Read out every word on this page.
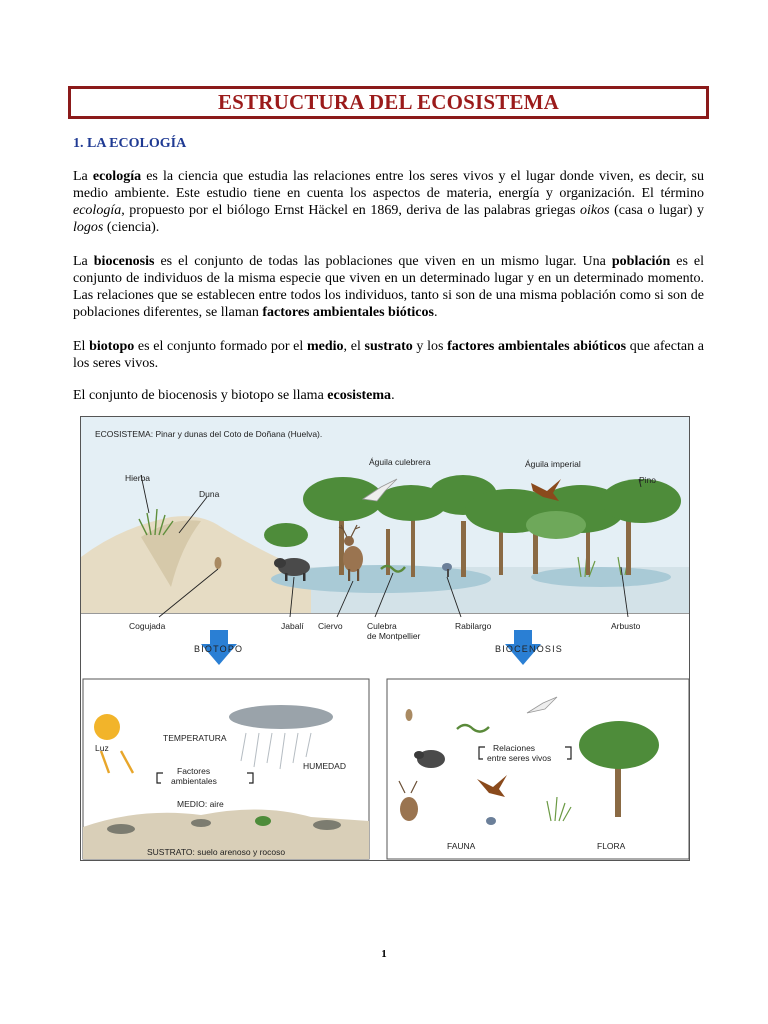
ESTRUCTURA DEL ECOSISTEMA
1. LA ECOLOGÍA

La ecología es la ciencia que estudia las relaciones entre los seres vivos y el lugar donde viven, es decir, su medio ambiente. Este estudio tiene en cuenta los aspectos de materia, energía y organización. El término ecología, propuesto por el biólogo Ernst Häckel en 1869, deriva de las palabras griegas oikos (casa o lugar) y logos (ciencia).

La biocenosis es el conjunto de todas las poblaciones que viven en un mismo lugar. Una población es el conjunto de individuos de la misma especie que viven en un determinado lugar y en un determinado momento. Las relaciones que se establecen entre todos los individuos, tanto si son de una misma población como si son de poblaciones diferentes, se llaman factores ambientales bióticos.

El biotopo es el conjunto formado por el medio, el sustrato y los factores ambientales abióticos que afectan a los seres vivos.

El conjunto de biocenosis y biotopo se llama ecosistema.

ECOSISTEMA: Pinar y dunas del Coto de Doñana (Huelva).
Hierba
Duna
Águila culebrera	Águila imperial
Pino
Cogujada	Jabalí Ciervo	Culebra
de Montpellier
Rabilargo	Arbusto
BIOTOPO	BIOCENOSIS
Luz
TEMPERATURA
HUMEDAD
Factores
ambientales
MEDIO: aire
SUSTRATO: suelo arenoso y rocoso
Relaciones
entre seres vivos
FAUNA	FLORA
1
